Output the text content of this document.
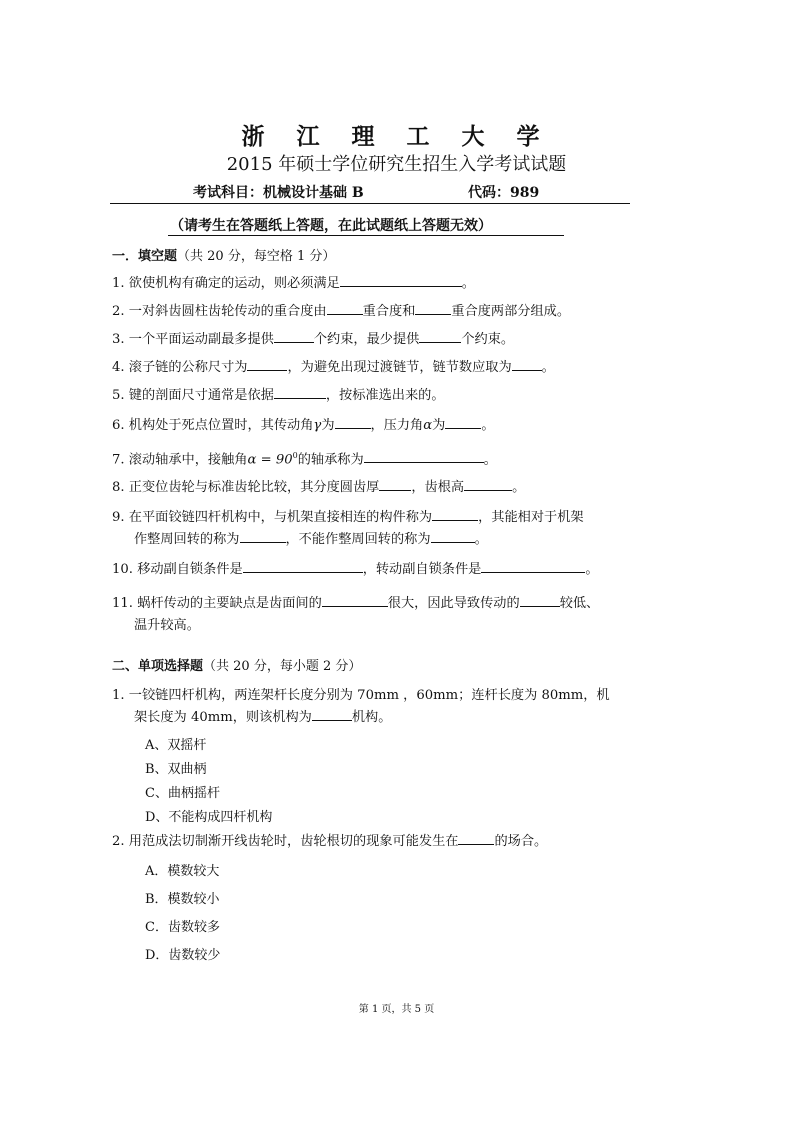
浙 江 理 工 大 学
2015 年硕士学位研究生招生入学考试试题
考试科目：机械设计基础 B	代码：989
（请考生在答题纸上答题，在此试题纸上答题无效）
一．填空题（共 20 分，每空格 1 分）
1. 欲使机构有确定的运动，则必须满足	。
2. 一对斜齿圆柱齿轮传动的重合度由	重合度和	重合度两部分组成。
3. 一个平面运动副最多提供	个约束，最少提供	个约束。
4. 滚子链的公称尺寸为	，为避免出现过渡链节，链节数应取为 。
5. 键的剖面尺寸通常是依据	，按标准选出来的。
6. 机构处于死点位置时，其传动角γ为	，压力角α为	。
7. 滚动轴承中，接触角$\alpha = 90^0$的轴承称为	。
8. 正变位齿轮与标准齿轮比较，其分度圆齿厚 ，齿根高	。
9. 在平面铰链四杆机构中，与机架直接相连的构件称为	，其能相对于机架
作整周回转的称为	，不能作整周回转的称为	。
10. 移动副自锁条件是	，转动副自锁条件是	。
11. 蜗杆传动的主要缺点是齿面间的	很大，因此导致传动的	较低、
温升较高。
二、单项选择题（共 20 分，每小题 2 分）
1. 一铰链四杆机构，两连架杆长度分别为 70mm ，60mm；连杆长度为 80mm，机
架长度为 40mm，则该机构为	机构。
A、双摇杆
B、双曲柄
C、曲柄摇杆
D、不能构成四杆机构
2. 用范成法切制渐开线齿轮时，齿轮根切的现象可能发生在	的场合。
A．模数较大
B．模数较小
C．齿数较多
D．齿数较少
第 1 页，共 5 页
